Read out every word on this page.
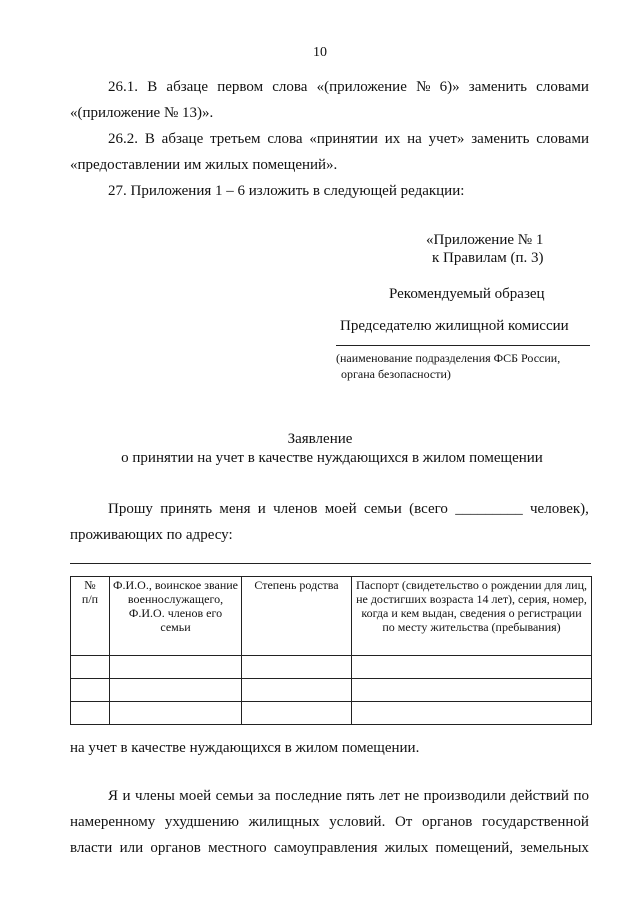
10
26.1. В абзаце первом слова «(приложение № 6)» заменить словами
«(приложение № 13)».
26.2. В абзаце третьем слова «принятии их на учет» заменить словами
«предоставлении им жилых помещений».
27. Приложения 1 – 6 изложить в следующей редакции:
«Приложение № 1
к Правилам (п. 3)
Рекомендуемый образец
Председателю жилищной комиссии
(наименование подразделения ФСБ России,
органа безопасности)
Заявление
о принятии на учет в качестве нуждающихся в жилом помещении
Прошу принять меня и членов моей семьи (всего _________ человек),
проживающих по адресу:
№
п/п	Ф.И.О., воинское звание военнослужащего, Ф.И.О. членов его семьи	Степень родства	Паспорт (свидетельство о рождении для лиц, не достигших возраста 14 лет), серия, номер, когда и кем выдан, сведения о регистрации по месту жительства (пребывания)

на учет в качестве нуждающихся в жилом помещении.
Я и члены моей семьи за последние пять лет не производили действий по
намеренному ухудшению жилищных условий. От органов государственной
власти или органов местного самоуправления жилых помещений, земельных
